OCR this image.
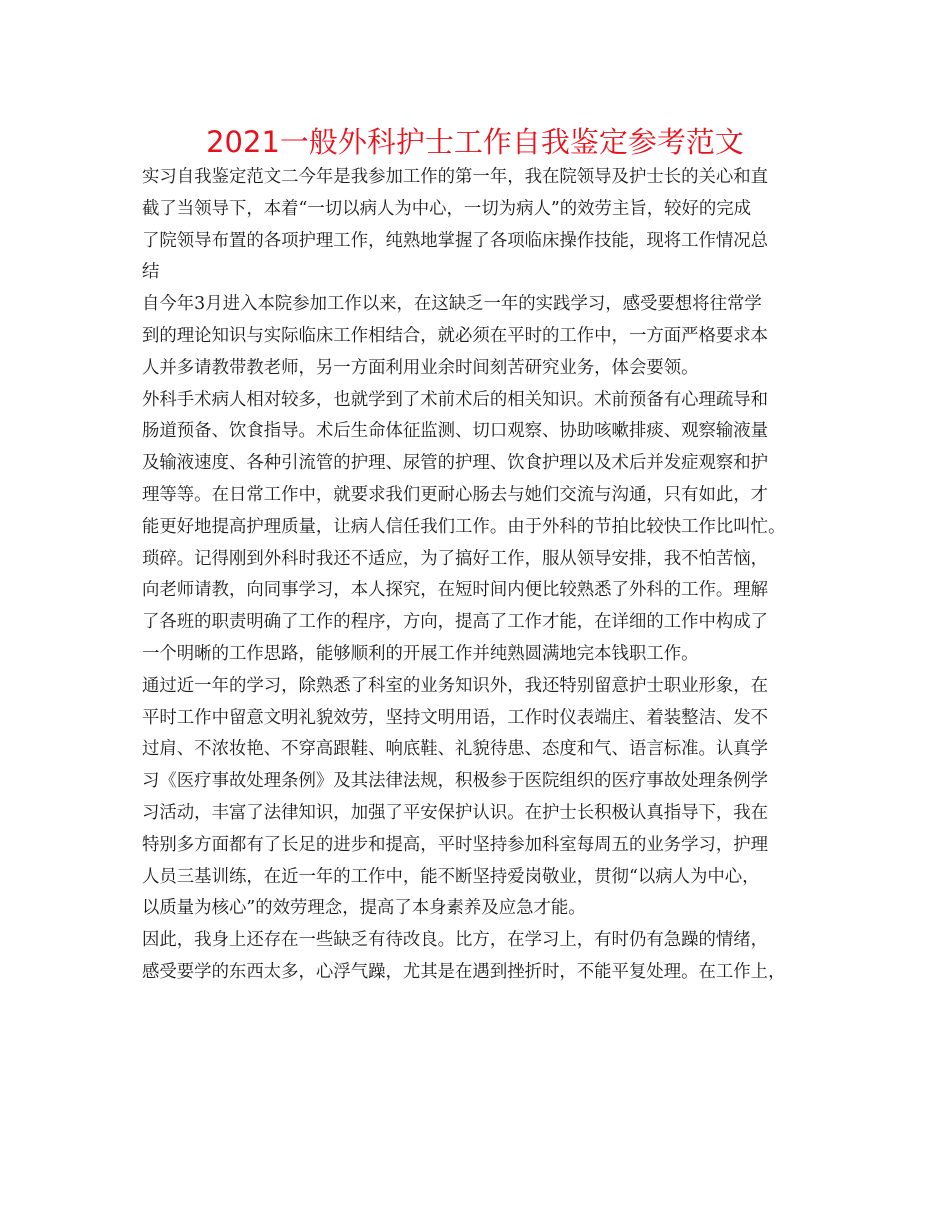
2021一般外科护士工作自我鉴定参考范文
实习自我鉴定范文二今年是我参加工作的第一年，我在院领导及护士长的关心和直
截了当领导下，本着“一切以病人为中心，一切为病人”的效劳主旨，较好的完成
了院领导布置的各项护理工作，纯熟地掌握了各项临床操作技能，现将工作情况总
结
自今年3月进入本院参加工作以来，在这缺乏一年的实践学习，感受要想将往常学
到的理论知识与实际临床工作相结合，就必须在平时的工作中，一方面严格要求本
人并多请教带教老师，另一方面利用业余时间刻苦研究业务，体会要领。
外科手术病人相对较多，也就学到了术前术后的相关知识。术前预备有心理疏导和
肠道预备、饮食指导。术后生命体征监测、切口观察、协助咳嗽排痰、观察输液量
及输液速度、各种引流管的护理、尿管的护理、饮食护理以及术后并发症观察和护
理等等。在日常工作中，就要求我们更耐心肠去与她们交流与沟通，只有如此，才
能更好地提高护理质量，让病人信任我们工作。由于外科的节拍比较快工作比叫忙。
琐碎。记得刚到外科时我还不适应，为了搞好工作，服从领导安排，我不怕苦恼，
向老师请教，向同事学习，本人探究，在短时间内便比较熟悉了外科的工作。理解
了各班的职责明确了工作的程序，方向，提高了工作才能，在详细的工作中构成了
一个明晰的工作思路，能够顺利的开展工作并纯熟圆满地完本钱职工作。
通过近一年的学习，除熟悉了科室的业务知识外，我还特别留意护士职业形象，在
平时工作中留意文明礼貌效劳，坚持文明用语，工作时仪表端庄、着装整洁、发不
过肩、不浓妆艳、不穿高跟鞋、响底鞋、礼貌待患、态度和气、语言标准。认真学
习《医疗事故处理条例》及其法律法规，积极参于医院组织的医疗事故处理条例学
习活动，丰富了法律知识，加强了平安保护认识。在护士长积极认真指导下，我在
特别多方面都有了长足的进步和提高，平时坚持参加科室每周五的业务学习，护理
人员三基训练，在近一年的工作中，能不断坚持爱岗敬业，贯彻“以病人为中心，
以质量为核心”的效劳理念，提高了本身素养及应急才能。
因此，我身上还存在一些缺乏有待改良。比方，在学习上，有时仍有急躁的情绪，
感受要学的东西太多，心浮气躁，尤其是在遇到挫折时，不能平复处理。在工作上，
